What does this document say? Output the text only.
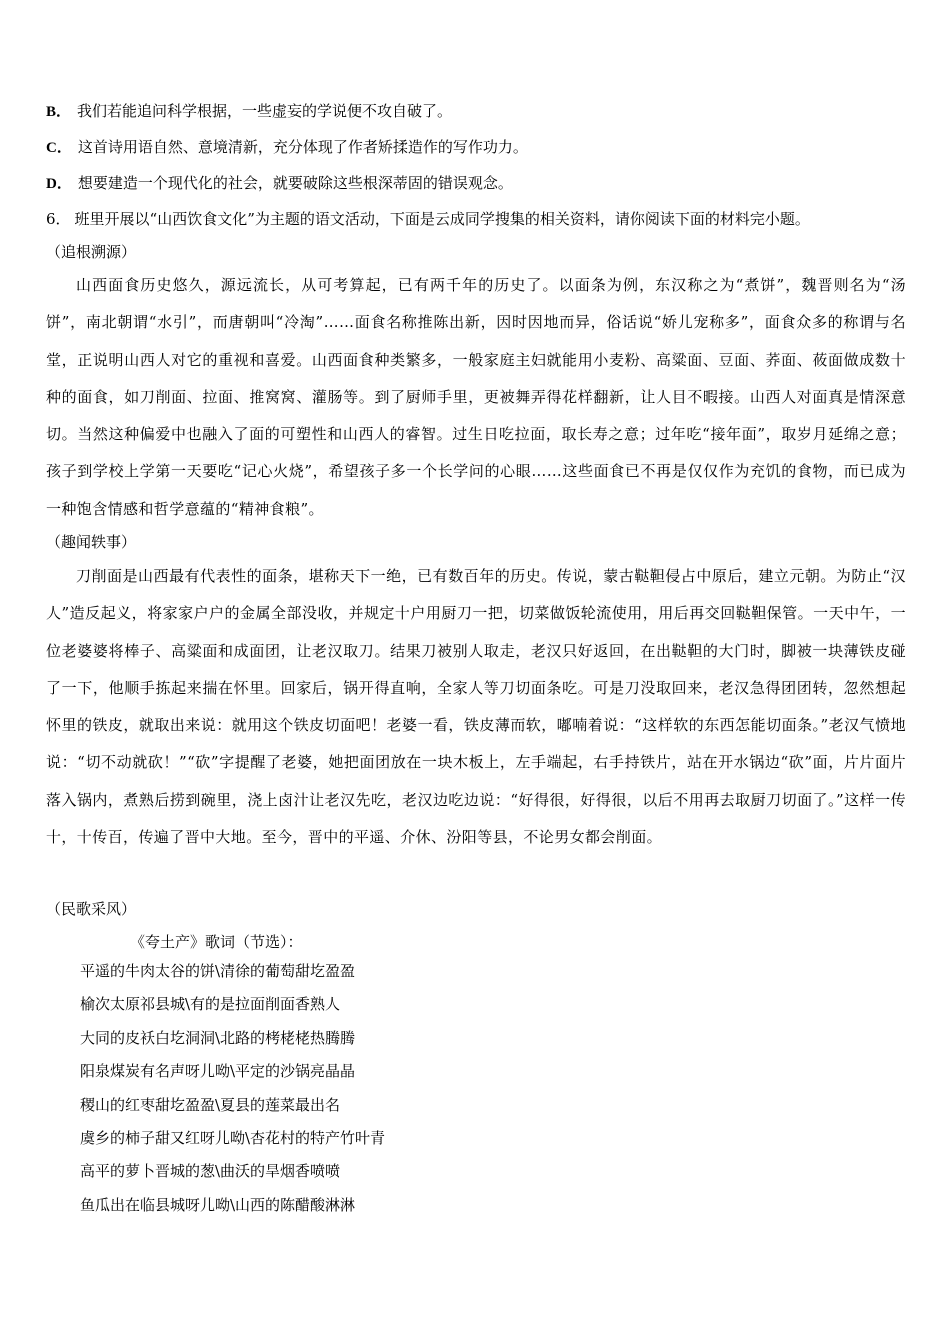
B． 我们若能追问科学根据，一些虚妄的学说便不攻自破了。
C． 这首诗用语自然、意境清新，充分体现了作者矫揉造作的写作功力。
D． 想要建造一个现代化的社会，就要破除这些根深蒂固的错误观念。
6． 班里开展以“山西饮食文化”为主题的语文活动，下面是云成同学搜集的相关资料，请你阅读下面的材料完小题。
（追根溯源）
山西面食历史悠久，源远流长，从可考算起，已有两千年的历史了。以面条为例，东汉称之为“煮饼”，魏晋则名为“汤饼”，南北朝谓“水引”，而唐朝叫“冷淘”……面食名称推陈出新，因时因地而异，俗话说“娇儿宠称多”，面食众多的称谓与名堂，正说明山西人对它的重视和喜爱。山西面食种类繁多，一般家庭主妇就能用小麦粉、高粱面、豆面、荞面、莜面做成数十种的面食，如刀削面、拉面、推窝窝、灌肠等。到了厨师手里，更被舞弄得花样翻新，让人目不暇接。山西人对面真是情深意切。当然这种偏爱中也融入了面的可塑性和山西人的睿智。过生日吃拉面，取长寿之意；过年吃“接年面”，取岁月延绵之意；孩子到学校上学第一天要吃“记心火烧”，希望孩子多一个长学问的心眼……这些面食已不再是仅仅作为充饥的食物，而已成为一种饱含情感和哲学意蕴的“精神食粮”。
（趣闻轶事）
刀削面是山西最有代表性的面条，堪称天下一绝，已有数百年的历史。传说，蒙古鞑靼侵占中原后，建立元朝。为防止“汉人”造反起义，将家家户户的金属全部没收，并规定十户用厨刀一把，切菜做饭轮流使用，用后再交回鞑靼保管。一天中午，一位老婆婆将棒子、高粱面和成面团，让老汉取刀。结果刀被别人取走，老汉只好返回，在出鞑靼的大门时，脚被一块薄铁皮碰了一下，他顺手拣起来揣在怀里。回家后，锅开得直响，全家人等刀切面条吃。可是刀没取回来，老汉急得团团转，忽然想起怀里的铁皮，就取出来说：就用这个铁皮切面吧！老婆一看，铁皮薄而软，嘟喃着说：“这样软的东西怎能切面条。”老汉气愤地说：“切不动就砍！”“砍”字提醒了老婆，她把面团放在一块木板上，左手端起，右手持铁片，站在开水锅边“砍”面，片片面片落入锅内，煮熟后捞到碗里，浇上卤汁让老汉先吃，老汉边吃边说：“好得很，好得很，以后不用再去取厨刀切面了。”这样一传十，十传百，传遍了晋中大地。至今，晋中的平遥、介休、汾阳等县，不论男女都会削面。
（民歌采风）
《夸土产》歌词（节选）：
平遥的牛肉太谷的饼\清徐的葡萄甜圪盈盈
榆次太原祁县城\有的是拉面削面香熟人
大同的皮袄白圪洞洞\北路的栲栳栳热腾腾
阳泉煤炭有名声呀儿呦\平定的沙锅亮晶晶
稷山的红枣甜圪盈盈\夏县的莲菜最出名
虞乡的柿子甜又红呀儿呦\杏花村的特产竹叶青
高平的萝卜晋城的葱\曲沃的旱烟香喷喷
鱼瓜出在临县城呀儿呦\山西的陈醋酸淋淋
